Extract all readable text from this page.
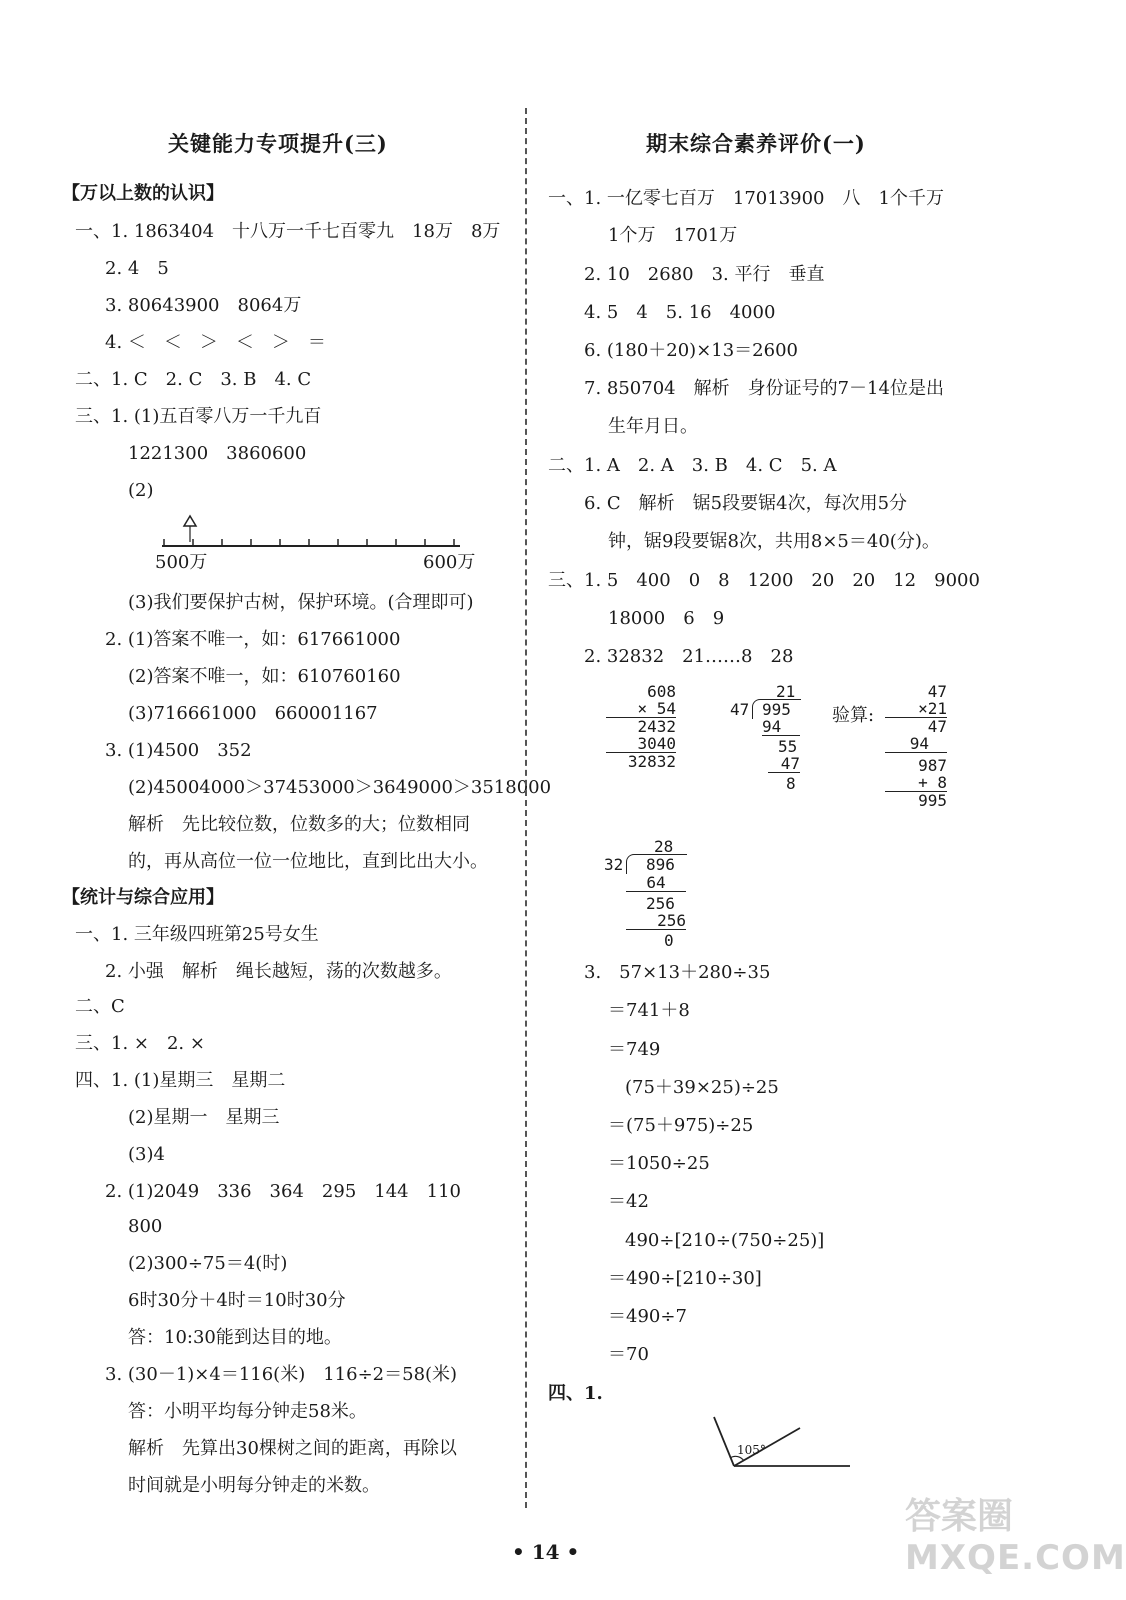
关键能力专项提升(三)
【万以上数的认识】
一、1. 1863404　十八万一千七百零九　18万　8万
2. 4　5
3. 80643900　8064万
4. ＜　＜　＞　＜　＞　＝
二、1. C　2. C　3. B　4. C
三、1. (1)五百零八万一千九百
1221300　3860600
(2)
500万	600万
(3)我们要保护古树，保护环境。(合理即可)
2. (1)答案不唯一，如：617661000
(2)答案不唯一，如：610760160
(3)716661000　660001167
3. (1)4500　352
(2)45004000＞37453000＞3649000＞3518000
解析　先比较位数，位数多的大；位数相同
的，再从高位一位一位地比，直到比出大小。
【统计与综合应用】
一、1. 三年级四班第25号女生
2. 小强　解析　绳长越短，荡的次数越多。
二、C
三、1. ×　2. ×
四、1. (1)星期三　星期二
(2)星期一　星期三
(3)4
2. (1)2049　336　364　295　144　110
800
(2)300÷75＝4(时)
6时30分＋4时＝10时30分
答：10:30能到达目的地。
3. (30－1)×4＝116(米)　116÷2＝58(米)
答：小明平均每分钟走58米。
解析　先算出30棵树之间的距离，再除以
时间就是小明每分钟走的米数。
期末综合素养评价(一)
一、1. 一亿零七百万　17013900　八　1个千万
1个万　1701万
2. 10　2680　3. 平行　垂直
4. 5　4　5. 16　4000
6. (180＋20)×13＝2600
7. 850704　解析　身份证号的7－14位是出
生年月日。
二、1. A　2. A　3. B　4. C　5. A
6. C　解析　锯5段要锯4次，每次用5分
钟，锯9段要锯8次，共用8×5＝40(分)。
三、1. 5　400　0　8　1200　20　20　12　9000
18000　6　9
2. 32832　21……8　28
608
× 54
2432
3040
32832
21
47 995
94
55
47
8
验算:
47
×21
47
94
987
+ 8
995
28
32 896
64
256
256
0
3.　57×13＋280÷35
＝741＋8
＝749
(75＋39×25)÷25
＝(75＋975)÷25
＝1050÷25
＝42
490÷[210÷(750÷25)]
＝490÷[210÷30]
＝490÷7
＝70
四、1.
105°
• 14 •
答案圈
MXQE.COM
